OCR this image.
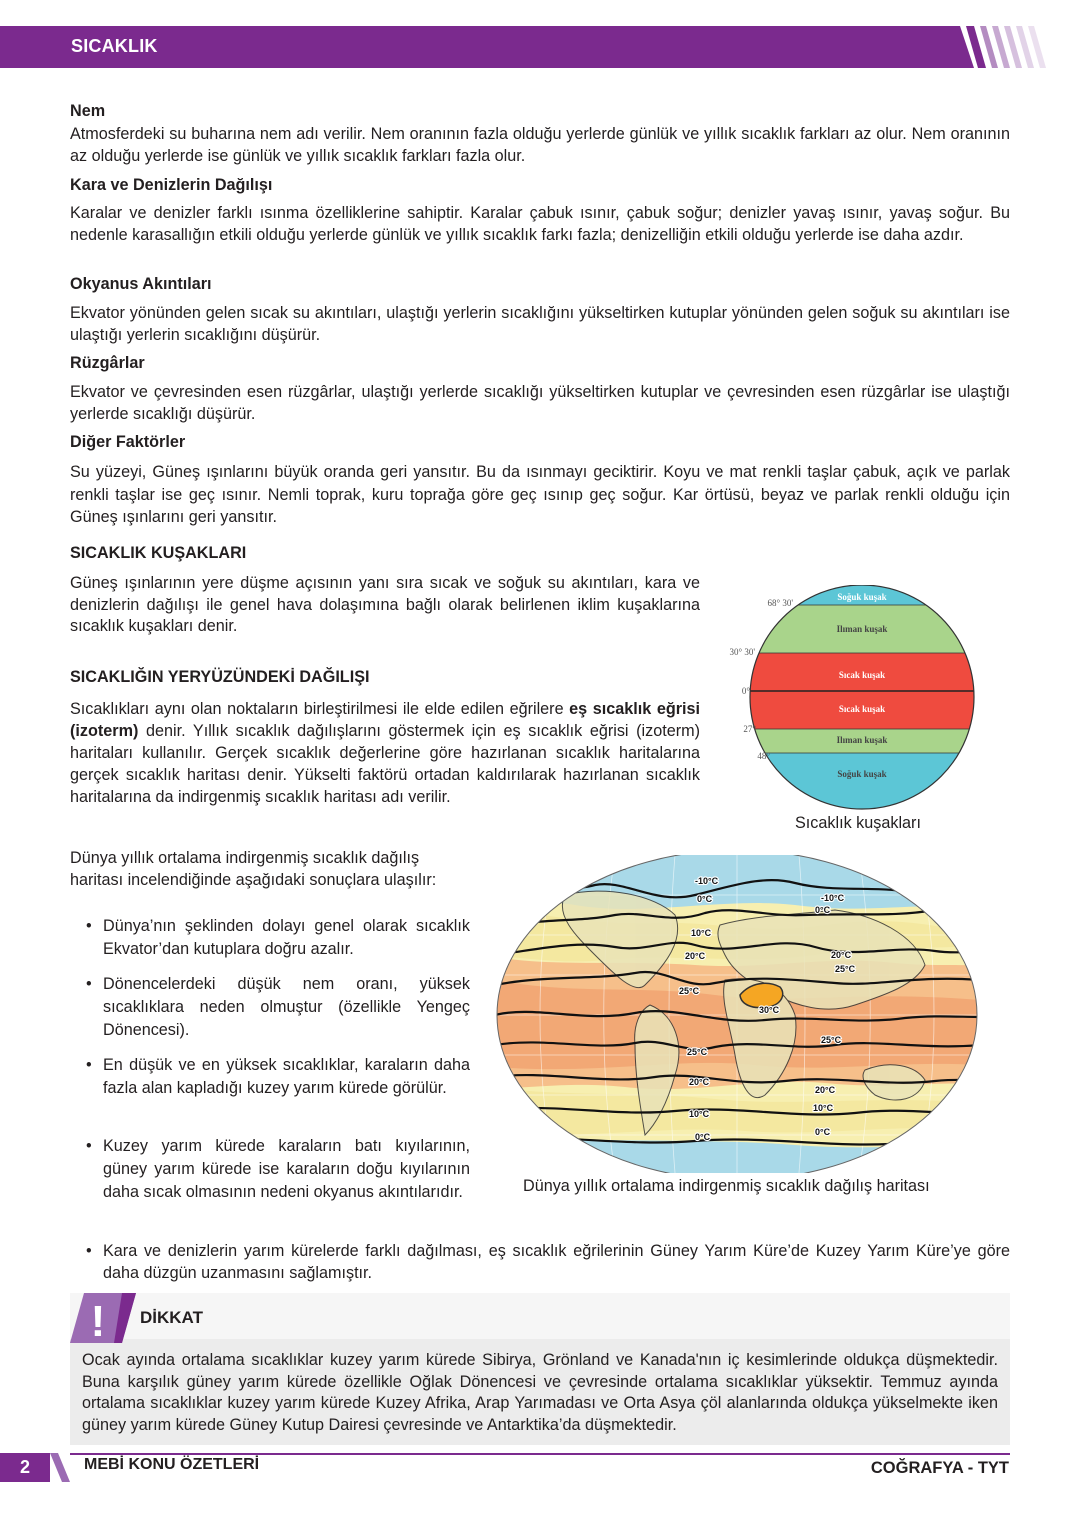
SICAKLIK

Nem

Atmosferdeki su buharına nem adı verilir. Nem oranının fazla olduğu yerlerde günlük ve yıllık sıcaklık farkları az olur. Nem oranının az olduğu yerlerde ise günlük ve yıllık sıcaklık farkları fazla olur.

Kara ve Denizlerin Dağılışı

Karalar ve denizler farklı ısınma özelliklerine sahiptir. Karalar çabuk ısınır, çabuk soğur; denizler yavaş ısınır, yavaş soğur. Bu nedenle karasallığın etkili olduğu yerlerde günlük ve yıllık sıcaklık farkı fazla; denizelliğin etkili olduğu yerlerde ise daha azdır.

Okyanus Akıntıları

Ekvator yönünden gelen sıcak su akıntıları, ulaştığı yerlerin sıcaklığını yükseltirken kutuplar yönünden gelen soğuk su akıntıları ise ulaştığı yerlerin sıcaklığını düşürür.

Rüzgârlar

Ekvator ve çevresinden esen rüzgârlar, ulaştığı yerlerde sıcaklığı yükseltirken kutuplar ve çevresinden esen rüzgârlar ise ulaştığı yerlerde sıcaklığı düşürür.

Diğer Faktörler

Su yüzeyi, Güneş ışınlarını büyük oranda geri yansıtır. Bu da ısınmayı geciktirir. Koyu ve mat renkli taşlar çabuk, açık ve parlak renkli taşlar ise geç ısınır. Nemli toprak, kuru toprağa göre geç ısınıp geç soğur. Kar örtüsü, beyaz ve parlak renkli olduğu için Güneş ışınlarını geri yansıtır.

SICAKLIK KUŞAKLARI

Güneş ışınlarının yere düşme açısının yanı sıra sıcak ve soğuk su akıntıları, kara ve denizlerin dağılışı ile genel hava dolaşımına bağlı olarak belirlenen iklim kuşaklarına sıcaklık kuşakları denir.

SICAKLIĞIN YERYÜZÜNDEKİ DAĞILIŞI

Sıcaklıkları aynı olan noktaların birleştirilmesi ile elde edilen eğrilere eş sıcaklık eğrisi (izoterm) denir. Yıllık sıcaklık dağılışlarını göstermek için eş sıcaklık eğrisi (izoterm) haritaları kullanılır. Gerçek sıcaklık değerlerine göre hazırlanan sıcaklık haritalarına gerçek sıcaklık haritası denir. Yükselti faktörü ortadan kaldırılarak hazırlanan sıcaklık haritalarına da indirgenmiş sıcaklık haritası adı verilir.

Soğuk kuşak
Ilıman kuşak
Sıcak kuşak
Sıcak kuşak
Ilıman kuşak
Soğuk kuşak
68° 30'
30° 30'
0°
27°
48°

Sıcaklık kuşakları

Dünya yıllık ortalama indirgenmiş sıcaklık dağılış haritası incelendiğinde aşağıdaki sonuçlara ulaşılır:

• Dünya’nın şeklinden dolayı genel olarak sıcaklık Ekvator’dan kutuplara doğru azalır.
• Dönencelerdeki düşük nem oranı, yüksek sıcaklıklara neden olmuştur (özellikle Yengeç Dönencesi).
• En düşük ve en yüksek sıcaklıklar, karaların daha fazla alan kapladığı kuzey yarım kürede görülür.
• Kuzey yarım kürede karaların batı kıyılarının, güney yarım kürede ise karaların doğu kıyılarının daha sıcak olmasının nedeni okyanus akıntılarıdır.
• Kara ve denizlerin yarım kürelerde farklı dağılması, eş sıcaklık eğrilerinin Güney Yarım Küre’de Kuzey Yarım Küre’ye göre daha düzgün uzanmasını sağlamıştır.
-10°C
0°C	-10°C
0°C
10°C
20°C	20°C
25°C
25°C
30°C
25°C
25°C
20°C
20°C
10°C
10°C
0°C	0°C

Dünya yıllık ortalama indirgenmiş sıcaklık dağılış haritası

! DİKKAT

Ocak ayında ortalama sıcaklıklar kuzey yarım kürede Sibirya, Grönland ve Kanada'nın iç kesimlerinde oldukça düşmektedir. Buna karşılık güney yarım kürede özellikle Oğlak Dönencesi ve çevresinde ortalama sıcaklıklar yüksektir. Temmuz ayında ortalama sıcaklıklar kuzey yarım kürede Kuzey Afrika, Arap Yarımadası ve Orta Asya çöl alanlarında oldukça yükselmekte iken güney yarım kürede Güney Kutup Dairesi çevresinde ve Antarktika’da düşmektedir.

2	MEBİ KONU ÖZETLERİ	COĞRAFYA - TYT
